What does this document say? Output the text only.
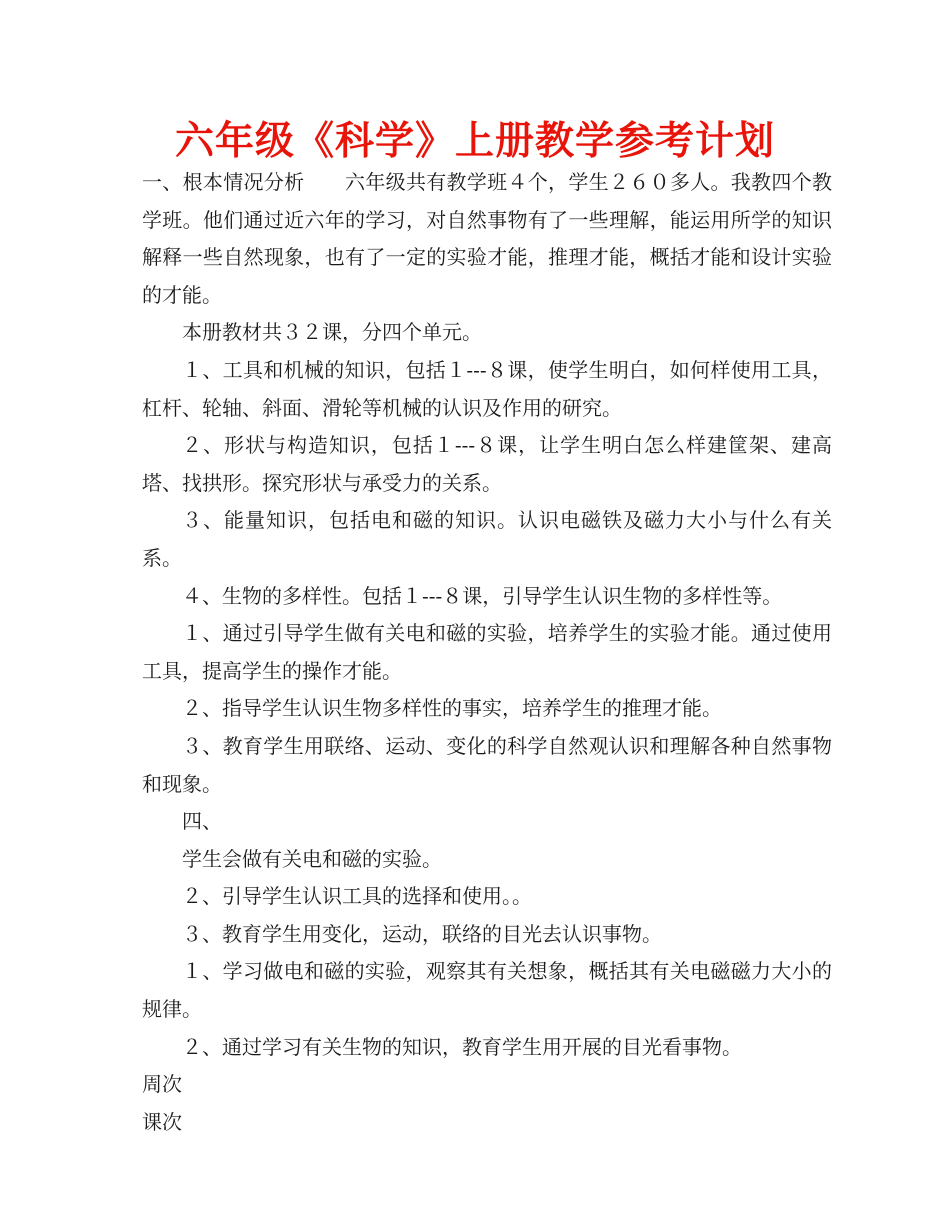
六年级《科学》上册教学参考计划

一、根本情况分析　　六年级共有教学班４个，学生２６０多人。我教四个教学班。他们通过近六年的学习，对自然事物有了一些理解，能运用所学的知识解释一些自然现象，也有了一定的实验才能，推理才能，概括才能和设计实验的才能。

本册教材共３２课，分四个单元。

１、工具和机械的知识，包括１---８课，使学生明白，如何样使用工具，杠杆、轮轴、斜面、滑轮等机械的认识及作用的研究。

２、形状与构造知识，包括１---８课，让学生明白怎么样建筐架、建高塔、找拱形。探究形状与承受力的关系。

３、能量知识，包括电和磁的知识。认识电磁铁及磁力大小与什么有关系。

４、生物的多样性。包括１---８课，引导学生认识生物的多样性等。

１、通过引导学生做有关电和磁的实验，培养学生的实验才能。通过使用工具，提高学生的操作才能。

２、指导学生认识生物多样性的事实，培养学生的推理才能。

３、教育学生用联络、运动、变化的科学自然观认识和理解各种自然事物和现象。

四、

学生会做有关电和磁的实验。

２、引导学生认识工具的选择和使用。。

３、教育学生用变化，运动，联络的目光去认识事物。

１、学习做电和磁的实验，观察其有关想象，概括其有关电磁磁力大小的规律。

２、通过学习有关生物的知识，教育学生用开展的目光看事物。

周次

课次
